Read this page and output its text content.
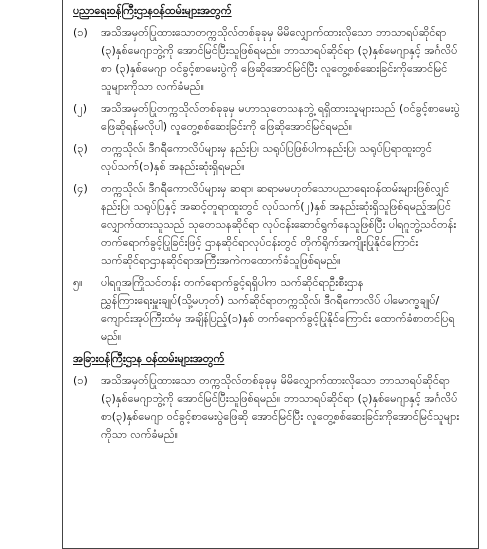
ပညာရေးဝန်ကြီးဌာနဝန်ထမ်းများအတွက်
(၁)	အသိအမှတ်ပြုထားသောတက္ကသိုလ်တစ်ခုခုမှ မိမိလျှောက်ထားလိုသော ဘာသာရပ်ဆိုင်ရာ (၃)နှစ်မေဂျာဘွဲ့ကို အောင်မြင်ပြီးသူဖြစ်ရမည်။ ဘာသာရပ်ဆိုင်ရာ (၃)နှစ်မေဂျာနှင့် အင်္ဂလိပ်စာ (၃)နှစ်မေဂျာ ဝင်ခွင့်စာမေးပွဲကို ဖြေဆိုအောင်မြင်ပြီး လူတွေ့စစ်ဆေးခြင်းကိုအောင်မြင်သူများကိုသာ လက်ခံမည်။
(၂)	အသိအမှတ်ပြုတက္ကသိုလ်တစ်ခုခုမှ မဟာသုတေသနဘွဲ့ ရရှိထားသူများသည် (ဝင်ခွင့်စာမေးပွဲဖြေဆိုရန်မလိုပါ) လူတွေ့စစ်ဆေးခြင်းကို ဖြေဆိုအောင်မြင်ရမည်။
(၃)	တက္ကသိုလ်၊ ဒီဂရီကောလိပ်များမှ နည်းပြ၊ သရုပ်ပြဖြစ်ပါကနည်းပြ၊ သရုပ်ပြရာထူးတွင် လုပ်သက်(၁)နှစ် အနည်းဆုံးရှိရမည်။
(၄)	တက္ကသိုလ်၊ ဒီဂရီကောလိပ်များမှ ဆရာ၊ ဆရာမမဟုတ်သောပညာရေးဝန်ထမ်းများဖြစ်လျှင် နည်းပြ၊ သရုပ်ပြနှင့် အဆင့်တူရာထူးတွင် လုပ်သက်(၂)နှစ် အနည်းဆုံးရှိသူဖြစ်ရမည့်အပြင် လျှောက်ထားသူသည် သုတေသနဆိုင်ရာ လုပ်ငန်းဆောင်ရွက်နေသူဖြစ်ပြီး ပါရဂူဘွဲ့သင်တန်း တက်ရောက်ခွင့်ပြုခြင်းဖြင့် ဌာနဆိုင်ရာလုပ်ငန်းတွင် တိုက်ရိုက်အကျိုးပြုနိုင်ကြောင်း သက်ဆိုင်ရာဌာနဆိုင်ရာအကြီးအကဲကထောက်ခံသူဖြစ်ရမည်။
၅။	ပါရဂူအကြိုသင်တန်း တက်ရောက်ခွင့်ရရှိပါက သက်ဆိုင်ရာဦးစီးဌာနညွှန်ကြားရေးမှူးချုပ်(သို့မဟုတ်) သက်ဆိုင်ရာတက္ကသိုလ်၊ ဒီဂရီကောလိပ် ပါမောက္ခချုပ်/ကျောင်းအုပ်ကြီးထံမှ အချိန်ပြည့်(၁)နှစ် တက်ရောက်ခွင့်ပြုနိုင်ကြောင်း ထောက်ခံစာတင်ပြရမည်။
အခြားဝန်ကြီးဌာန ဝန်ထမ်းများအတွက်
(၁)	အသိအမှတ်ပြုထားသော တက္ကသိုလ်တစ်ခုခုမှ မိမိလျှောက်ထားလိုသော ဘာသာရပ်ဆိုင်ရာ (၃)နှစ်မေဂျာဘွဲ့ကို အောင်မြင်ပြီးသူဖြစ်ရမည်။ ဘာသာရပ်ဆိုင်ရာ (၃)နှစ်မေဂျာနှင့် အင်္ဂလိပ်စာ(၃)နှစ်မေဂျာ ဝင်ခွင့်စာမေးပွဲဖြေဆို အောင်မြင်ပြီး လူတွေ့စစ်ဆေးခြင်းကိုအောင်မြင်သူများကိုသာ လက်ခံမည်။
